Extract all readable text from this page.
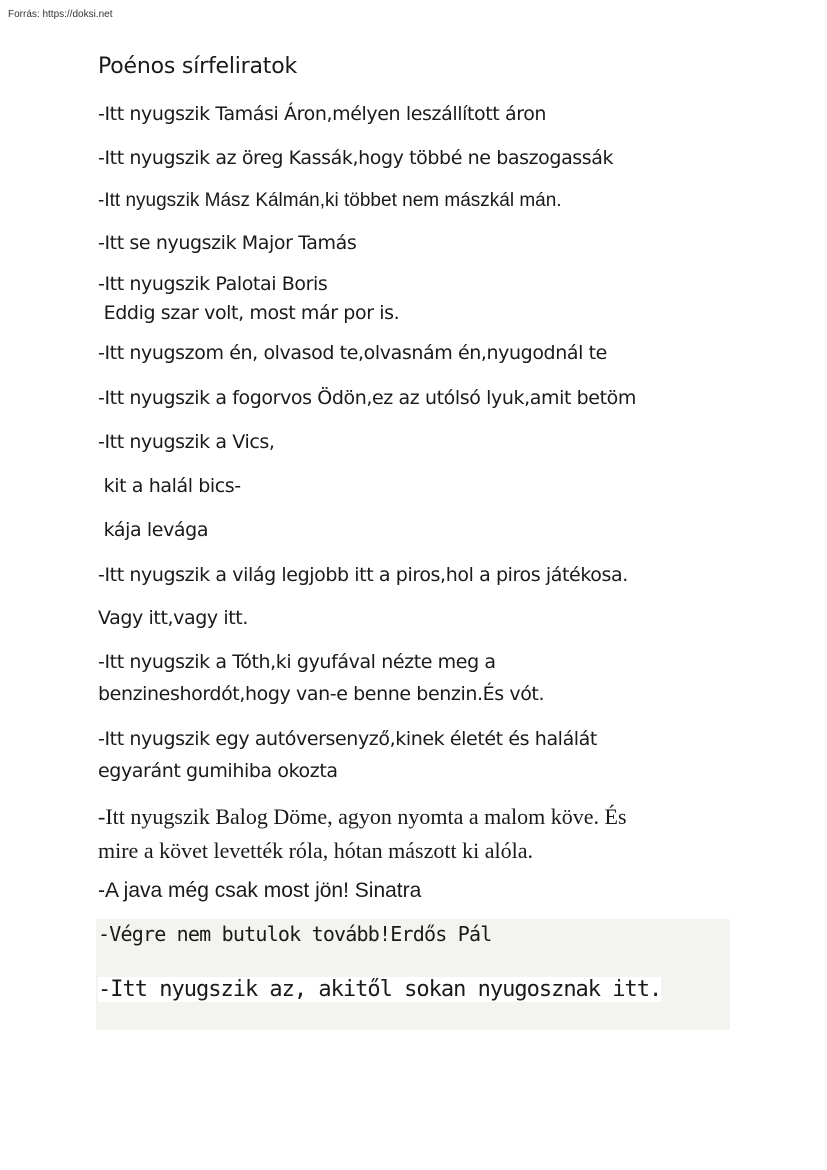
Forrás: https://doksi.net

Poénos sírfeliratok

-Itt nyugszik Tamási Áron,mélyen leszállított áron

-Itt nyugszik az öreg Kassák,hogy többé ne baszogassák

-Itt nyugszik Mász Kálmán,ki többet nem mászkál mán.

-Itt se nyugszik Major Tamás

-Itt nyugszik Palotai Boris

Eddig szar volt, most már por is.

-Itt nyugszom én, olvasod te,olvasnám én,nyugodnál te

-Itt nyugszik a fogorvos Ödön,ez az utólsó lyuk,amit betöm

-Itt nyugszik a Vics,

kit a halál bics-

kája levága

-Itt nyugszik a világ legjobb itt a piros,hol a piros játékosa.

Vagy itt,vagy itt.

-Itt nyugszik a Tóth,ki gyufával nézte meg a

benzineshordót,hogy van-e benne benzin.És vót.

-Itt nyugszik egy autóversenyző,kinek életét és halálát

egyaránt gumihiba okozta

-Itt nyugszik Balog Döme, agyon nyomta a malom köve. És

mire a követ levették róla, hótan mászott ki alóla.

-A java még csak most jön! Sinatra

-Végre nem butulok tovább!Erdős Pál

-Itt nyugszik az, akitől sokan nyugosznak itt.
